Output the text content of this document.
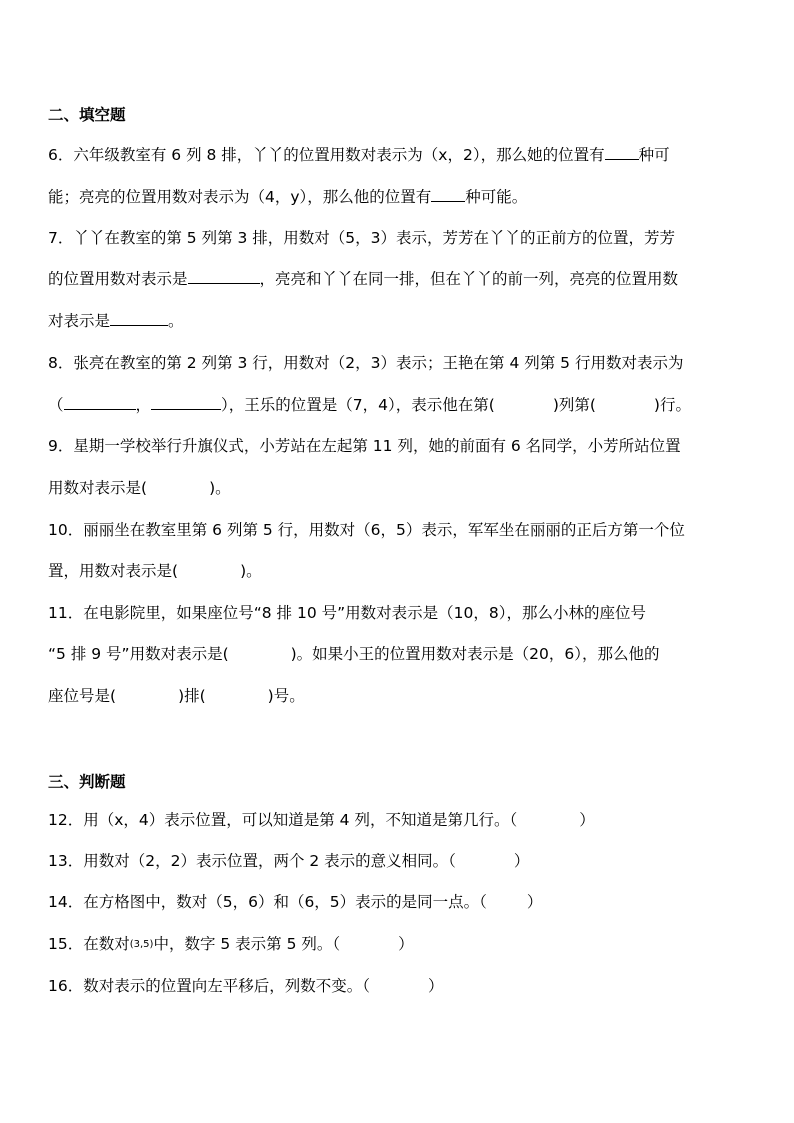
二、填空题
6．六年级教室有 6 列 8 排，丫丫的位置用数对表示为（x，2），那么她的位置有 种可
能；亮亮的位置用数对表示为（4，y），那么他的位置有 种可能。
7．丫丫在教室的第 5 列第 3 排，用数对（5，3）表示，芳芳在丫丫的正前方的位置，芳芳
的位置用数对表示是	，亮亮和丫丫在同一排，但在丫丫的前一列，亮亮的位置用数
对表示是	。
8．张亮在教室的第 2 列第 3 行，用数对（2，3）表示；王艳在第 4 列第 5 行用数对表示为
（	，	），王乐的位置是（7，4），表示他在第(	)列第(	)行。
9．星期一学校举行升旗仪式，小芳站在左起第 11 列，她的前面有 6 名同学，小芳所站位置
用数对表示是(	)。
10．丽丽坐在教室里第 6 列第 5 行，用数对（6，5）表示，军军坐在丽丽的正后方第一个位
置，用数对表示是(	)。
11．在电影院里，如果座位号“8 排 10 号”用数对表示是（10，8），那么小林的座位号
“5 排 9 号”用数对表示是(	)。如果小王的位置用数对表示是（20，6），那么他的
座位号是(	)排(	)号。
三、判断题
12．用（x，4）表示位置，可以知道是第 4 列，不知道是第几行。（	）
13．用数对（2，2）表示位置，两个 2 表示的意义相同。（	）
14．在方格图中，数对（5，6）和（6，5）表示的是同一点。（	）
15．在数对(3,5)中，数字 5 表示第 5 列。（	）
16．数对表示的位置向左平移后，列数不变。（	）
